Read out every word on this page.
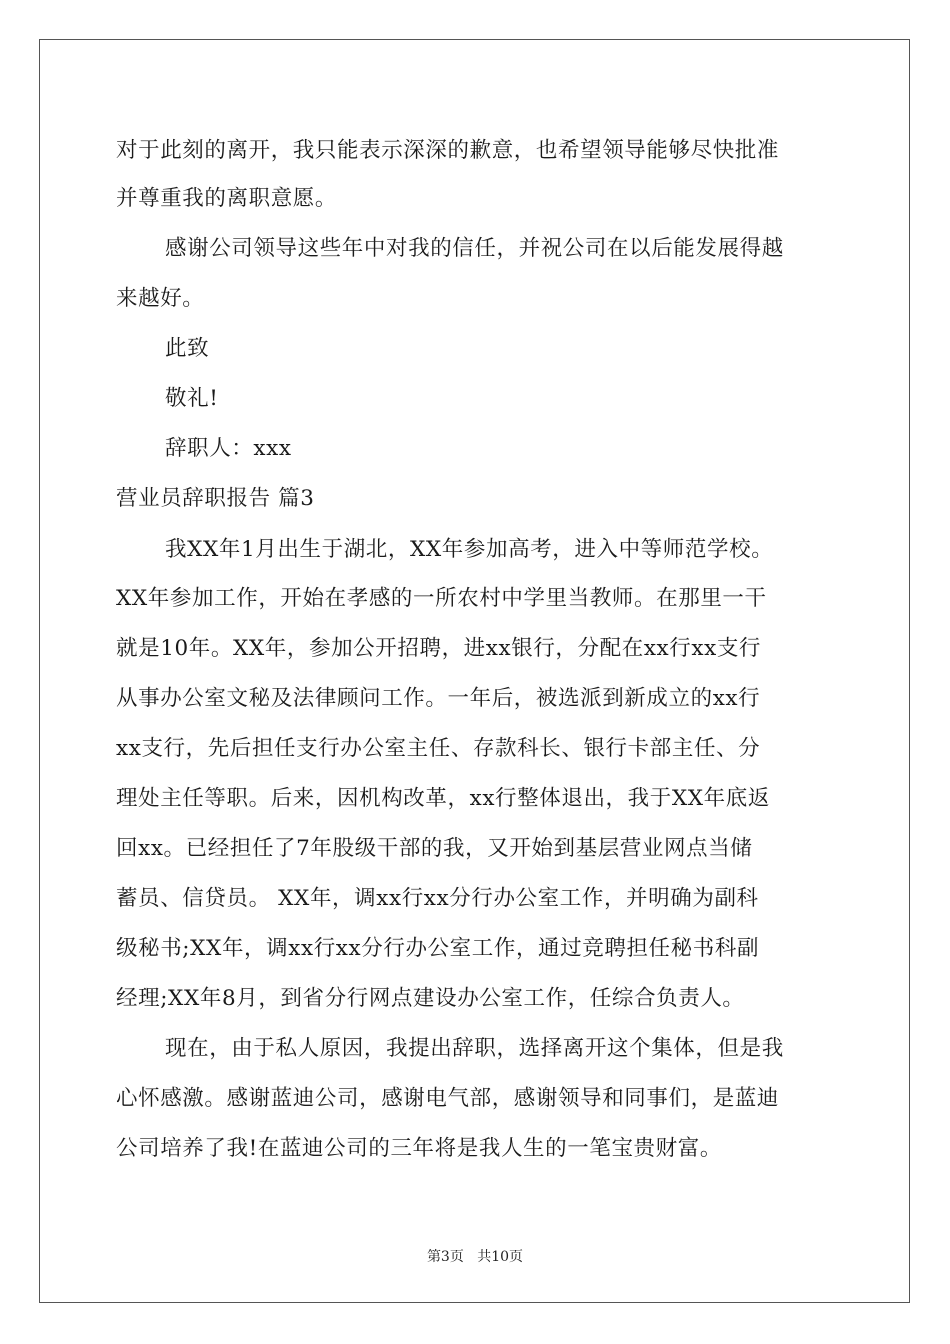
对于此刻的离开，我只能表示深深的歉意，也希望领导能够尽快批准
并尊重我的离职意愿。
感谢公司领导这些年中对我的信任，并祝公司在以后能发展得越
来越好。
此致
敬礼!
辞职人：xxx
营业员辞职报告 篇3
我XX年1月出生于湖北，XX年参加高考，进入中等师范学校。
XX年参加工作，开始在孝感的一所农村中学里当教师。在那里一干
就是10年。XX年，参加公开招聘，进xx银行，分配在xx行xx支行
从事办公室文秘及法律顾问工作。一年后，被选派到新成立的xx行
xx支行，先后担任支行办公室主任、存款科长、银行卡部主任、分
理处主任等职。后来，因机构改革，xx行整体退出，我于XX年底返
回xx。已经担任了7年股级干部的我，又开始到基层营业网点当储
蓄员、信贷员。 XX年，调xx行xx分行办公室工作，并明确为副科
级秘书;XX年，调xx行xx分行办公室工作，通过竞聘担任秘书科副
经理;XX年8月，到省分行网点建设办公室工作，任综合负责人。
现在，由于私人原因，我提出辞职，选择离开这个集体，但是我
心怀感激。感谢蓝迪公司，感谢电气部，感谢领导和同事们，是蓝迪
公司培养了我!在蓝迪公司的三年将是我人生的一笔宝贵财富。
第3页 共10页
